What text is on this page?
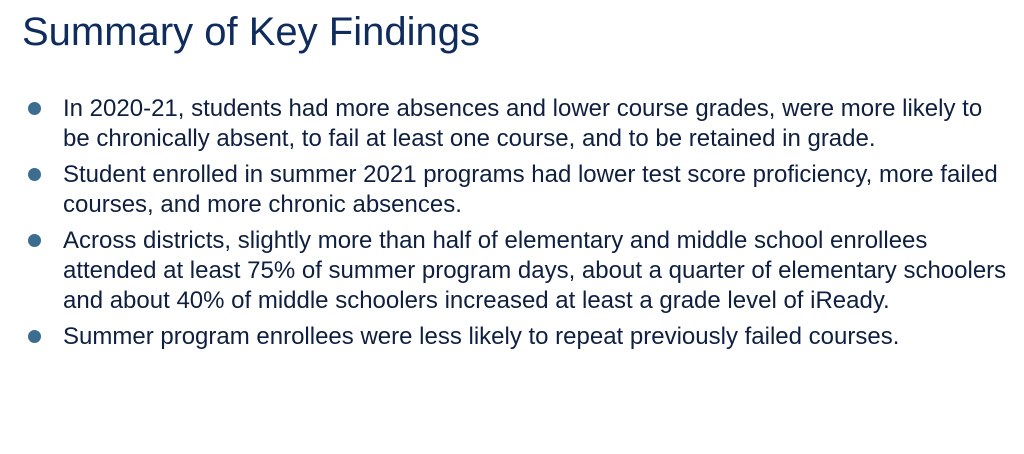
Summary of Key Findings
In 2020-21, students had more absences and lower course grades, were more likely to be chronically absent, to fail at least one course, and to be retained in grade.
Student enrolled in summer 2021 programs had lower test score proficiency, more failed courses, and more chronic absences.
Across districts, slightly more than half of elementary and middle school enrollees attended at least 75% of summer program days, about a quarter of elementary schoolers and about 40% of middle schoolers increased at least a grade level of iReady.
Summer program enrollees were less likely to repeat previously failed courses.
